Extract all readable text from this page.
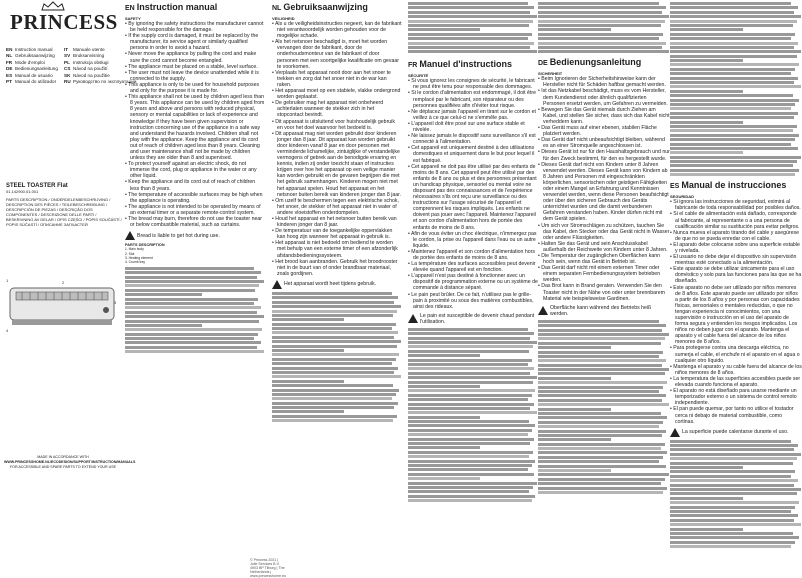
PRINCESS
EN Instruction manual	IT Manuale utente
NL Gebruiksaanwijzing	SV Bruksanvisning
FR Mode d'emploi	PL Instrukcja obsługi
DE Bedienungsanleitung	CS Návod na použití
ES Manual de usuario	SK Návod na použitie
PT Manual do utilizador	RU Руководство по эксплуатации
STEEL TOASTER Flat
01.142900.01.001
PARTS DESCRIPTION / ONDERDELENBESCHRIJVING / DESCRIPTION DES PIÈCES / TEILEBESCHREIBUNG / DESCRIPCIÓN DE PIEZAS / DESCRIÇÃO DOS COMPONENTES / DESCRIZIONE DELLE PARTI / BESKRIVNING AV DELAR / OPIS CZĘŚCI / POPIS SOUČÁSTÍ / POPIS SÚČASTÍ / ОПИСАНИЕ ЗАПЧАСТЕЙ
1	2
3
4
MADE IN ACCORDANCE WITH
WWW.PRINCESSHOME.NL/ECODESIGN/SUPPORT/INSTRUCTION/MANUALS
FOR ACCESSIBLE AND SPARE PARTS TO EXTEND YOUR USE
EN Instruction manual
SAFETY

• By ignoring the safety instructions the manufacturer cannot be held responsible for the damage.

• If the supply cord is damaged, it must be replaced by the manufacturer, its service agent or similarly qualified persons in order to avoid a hazard.

• Never move the appliance by pulling the cord and make sure the cord cannot become entangled.

• The appliance must be placed on a stable, level surface.

• The user must not leave the device unattended while it is connected to the supply.

• This appliance is only to be used for household purposes and only for the purpose it is made for.

• This appliance shall not be used by children aged less than 8 years. This appliance can be used by children aged from 8 years and above and persons with reduced physical, sensory or mental capabilities or lack of experience and knowledge if they have been given supervision or instruction concerning use of the appliance in a safe way and understand the hazards involved. Children shall not play with the appliance. Keep the appliance and its cord out of reach of children aged less than 8 years. Cleaning and user maintenance shall not be made by children unless they are older than 8 and supervised.

• To protect yourself against an electric shock, do not immerse the cord, plug or appliance in the water or any other liquid.

• Keep the appliance and its cord out of reach of children less than 8 years.

• The temperature of accessible surfaces may be high when the appliance is operating.

• The appliance is not intended to be operated by means of an external timer or a separate remote-control system.

• The bread may burn, therefore do not use the toaster near or below combustible material, such as curtains.

Bread is liable to get hot during use.
PARTS DESCRIPTION

1. Main body

2. Slot

3. Heating element

4. Crumb tray

© Princess 2021 | Jolie Services B.V.
4903 BP Tilburg | The Netherlands | www.princesshome.eu
NL Gebruiksaanwijzing
VEILIGHEID

• Als u de veiligheidsinstructies negeert, kan de fabrikant niet verantwoordelijk worden gehouden voor de mogelijke schade.

• Als het netsnoer beschadigd is, moet het worden vervangen door de fabrikant, door de onderhoudsmonteur van de fabrikant of door personen met een soortgelijke kwalificatie om gevaar te voorkomen.

• Verplaats het apparaat nooit door aan het snoer te trekken en zorg dat het snoer niet in de war kan raken.

• Het apparaat moet op een stabiele, vlakke ondergrond worden geplaatst.

• De gebruiker mag het apparaat niet onbeheerd achterlaten wanneer de stekker zich in het stopcontact bevindt.

• Dit apparaat is uitsluitend voor huishoudelijk gebruik en voor het doel waarvoor het bedoeld is.

• Dit apparaat mag niet worden gebruikt door kinderen jonger dan 8 jaar. Dit apparaat kan worden gebruikt door kinderen vanaf 8 jaar en door personen met verminderde lichamelijke, zintuiglijke of verstandelijke vermogens of gebrek aan de benodigde ervaring en kennis, indien zij onder toezicht staan of instructies krijgen over hoe het apparaat op een veilige manier kan worden gebruikt en de gevaren begrijpen die met het gebruik samenhangen. Kinderen mogen niet met het apparaat spelen. Houd het apparaat en het netsnoer buiten bereik van kinderen jonger dan 8 jaar.

• Om uzelf te beschermen tegen een elektrische schok, het snoer, de stekker of het apparaat niet in water of andere vloeistoffen onderdompelen.

• Houd het apparaat en het netsnoer buiten bereik van kinderen jonger dan 8 jaar.

• De temperatuur van de toegankelijke oppervlakken kan hoog zijn wanneer het apparaat in gebruik is.

• Het apparaat is niet bedoeld om bediend te worden met behulp van een externe timer of een afzonderlijk afstandsbedieningssysteem.

• Het brood kan aanbranden. Gebruik het broodrooster niet in de buurt van of onder brandbaar materiaal, zoals gordijnen.

Het apparaat wordt heet tijdens gebruik.
FR Manuel d'instructions
SÉCURITÉ

• Si vous ignorez les consignes de sécurité, le fabricant ne peut être tenu pour responsable des dommages.

• Si le cordon d'alimentation est endommagé, il doit être remplacé par le fabricant, son réparateur ou des personnes qualifiées afin d'éviter tout risque.

• Ne déplacez jamais l'appareil en tirant sur le cordon et veillez à ce que celui-ci ne s'emmêle pas.

• L'appareil doit être posé sur une surface stable et nivelée.

• Ne laissez jamais le dispositif sans surveillance s'il est connecté à l'alimentation.

• Cet appareil est uniquement destiné à des utilisations domestiques et uniquement dans le but pour lequel il est fabriqué.

• Cet appareil ne doit pas être utilisé par des enfants de moins de 8 ans. Cet appareil peut être utilisé par des enfants de 8 ans ou plus et des personnes présentant un handicap physique, sensoriel ou mental voire ne disposant pas des connaissances et de l'expérience nécessaires s'ils ont reçu une surveillance ou des instructions sur l'usage sécurisé de l'appareil et comprennent les risques impliqués. Les enfants ne doivent pas jouer avec l'appareil. Maintenez l'appareil et son cordon d'alimentation hors de portée des enfants de moins de 8 ans.

• Afin de vous éviter un choc électrique, n'immergez pas le cordon, la prise ou l'appareil dans l'eau ou un autre liquide.

• Maintenez l'appareil et son cordon d'alimentation hors de portée des enfants de moins de 8 ans.

• La température des surfaces accessibles peut devenir élevée quand l'appareil est en fonction.

• L'appareil n'est pas destiné à fonctionner avec un dispositif de programmation externe ou un système de commande à distance séparé.

• Le pain peut brûler. De ce fait, n'utilisez pas le grille-pain à proximité ou sous des matières combustibles, ainsi des rideaux.

Le pain est susceptible de devenir chaud pendant l'utilisation.
DE Bedienungsanleitung
SICHERHEIT

• Beim Ignorieren der Sicherheitshinweise kann der Hersteller nicht für Schäden haftbar gemacht werden.

• Ist das Netzkabel beschädigt, muss es vom Hersteller, dem Kundendienst oder ähnlich qualifizierten Personen ersetzt werden, um Gefahren zu vermeiden.

• Bewegen Sie das Gerät niemals durch Ziehen am Kabel, und stellen Sie sicher, dass sich das Kabel nicht verheddern kann.

• Das Gerät muss auf einer ebenen, stabilen Fläche platziert werden.

• Das Gerät darf nicht unbeaufsichtigt bleiben, während es an einer Stromquelle angeschlossen ist.

• Dieses Gerät ist nur für den Haushaltsgebrauch und nur für den Zweck bestimmt, für den es hergestellt wurde.

• Dieses Gerät darf nicht von Kindern unter 8 Jahren verwendet werden. Dieses Gerät kann von Kindern ab 8 Jahren und Personen mit eingeschränkten körperlichen, sensorischen oder geistigen Fähigkeiten oder einem Mangel an Erfahrung und Kenntnissen verwendet werden, wenn diese Personen beaufsichtigt oder über den sicheren Gebrauch des Geräts unterrichtet wurden und die damit verbundenen Gefahren verstanden haben. Kinder dürfen nicht mit dem Gerät spielen.

• Um sich vor Stromschlägen zu schützen, tauchen Sie das Kabel, den Stecker oder das Gerät nicht in Wasser oder andere Flüssigkeiten.

• Halten Sie das Gerät und sein Anschlusskabel außerhalb der Reichweite von Kindern unter 8 Jahren.

• Die Temperatur der zugänglichen Oberflächen kann hoch sein, wenn das Gerät in Betrieb ist.

• Das Gerät darf nicht mit einem externen Timer oder einem separaten Fernbedienungssystem betrieben werden.

• Das Brot kann in Brand geraten. Verwenden Sie den Toaster nicht in der Nähe von oder unter brennbarem Material wie beispielsweise Gardinen.

Oberfläche kann während des Betriebs heiß werden.
ES Manual de instrucciones
SEGURIDAD

• Si ignora las instrucciones de seguridad, eximirá al fabricante de toda responsabilidad por posibles daños.

• Si el cable de alimentación está dañado, corresponde al fabricante, al representante o a una persona de cualificación similar su sustitución para evitar peligros.

• Nunca mueva el aparato tirando del cable y asegúrese de que no se pueda enredar con el cable.

• El aparato debe colocarse sobre una superficie estable y nivelada.

• El usuario no debe dejar el dispositivo sin supervisión mientras esté conectado a la alimentación.

• Este aparato se debe utilizar únicamente para el uso doméstico y solo para las funciones para las que se ha diseñado.

• Este aparato no debe ser utilizado por niños menores de 8 años. Este aparato puede ser utilizado por niños a partir de los 8 años y por personas con capacidades físicas, sensoriales o mentales reducidas, o que no tengan experiencia ni conocimientos, con una supervisión o instrucción en el uso del aparato de forma segura y entienden los riesgos implicados. Los niños no deben jugar con el aparato. Mantenga el aparato y el cable fuera del alcance de los niños menores de 8 años.

• Para protegerse contra una descarga eléctrica, no sumerja el cable, el enchufe ni el aparato en el agua o cualquier otro líquido.

• Mantenga el aparato y su cable fuera del alcance de los niños menores de 8 años.

• La temperatura de las superficies accesibles puede ser elevada cuando funciona el aparato.

• El aparato no está diseñado para usarse mediante un temporizador externo o un sistema de control remoto independiente.

• El pan puede quemar, por tanto no utilice el tostador cerca ni debajo de material combustible, como cortinas.

La superficie puede calentarse durante el uso.
